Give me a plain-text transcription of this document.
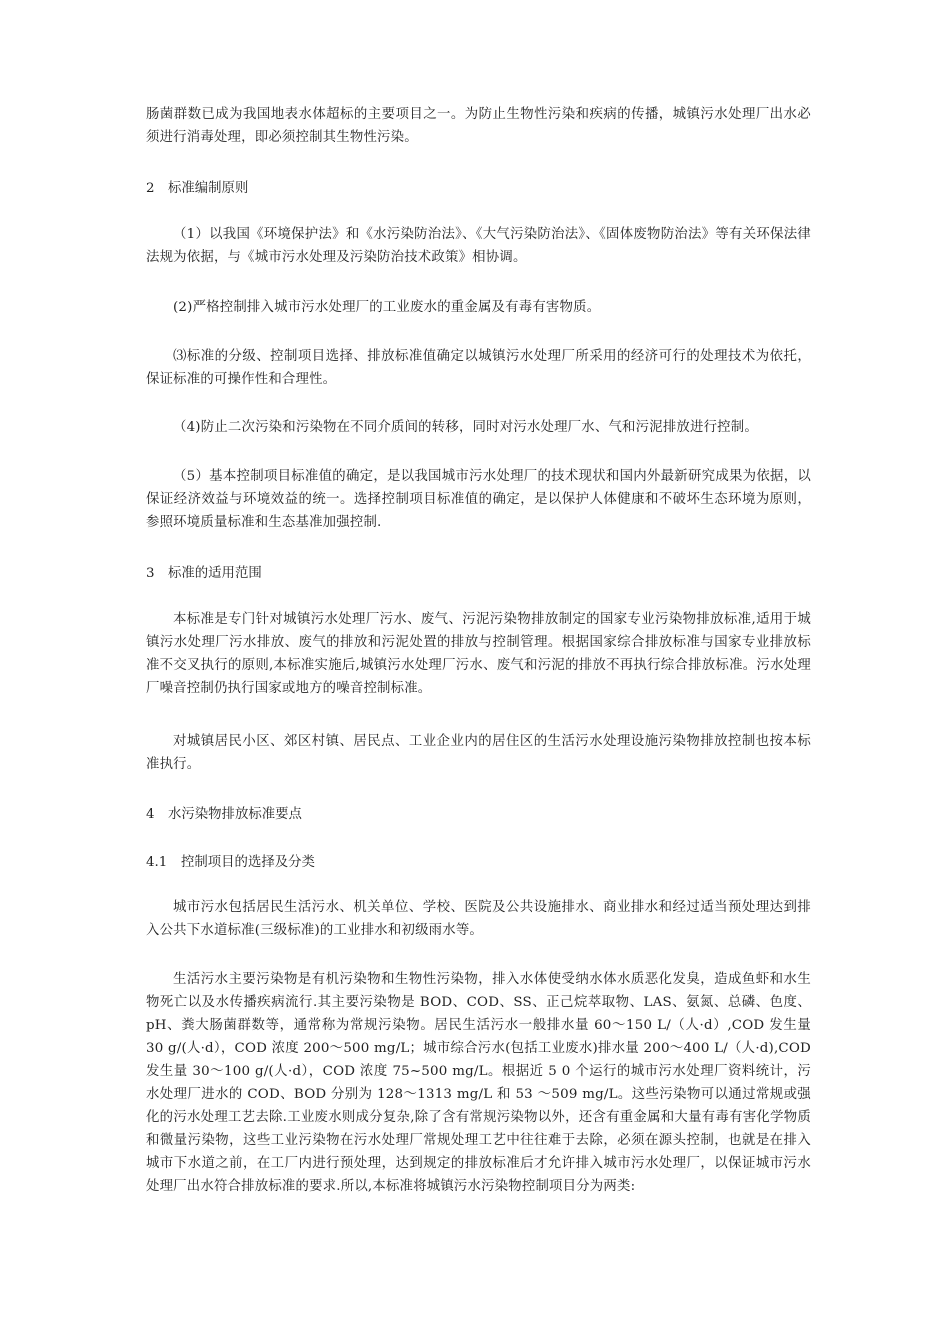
肠菌群数已成为我国地表水体超标的主要项目之一。为防止生物性污染和疾病的传播，城镇污水处理厂出水必须进行消毒处理，即必须控制其生物性污染。

2 标准编制原则

（1）以我国《环境保护法》和《水污染防治法》、《大气污染防治法》、《固体废物防治法》等有关环保法律法规为依据，与《城市污水处理及污染防治技术政策》相协调。

(2)严格控制排入城市污水处理厂的工业废水的重金属及有毒有害物质。

⑶标准的分级、控制项目选择、排放标准值确定以城镇污水处理厂所采用的经济可行的处理技术为依托，保证标准的可操作性和合理性。

（4)防止二次污染和污染物在不同介质间的转移，同时对污水处理厂水、气和污泥排放进行控制。

（5）基本控制项目标准值的确定，是以我国城市污水处理厂的技术现状和国内外最新研究成果为依据，以保证经济效益与环境效益的统一。选择控制项目标准值的确定，是以保护人体健康和不破坏生态环境为原则，参照环境质量标准和生态基准加强控制.

3 标准的适用范围

本标准是专门针对城镇污水处理厂污水、废气、污泥污染物排放制定的国家专业污染物排放标准,适用于城镇污水处理厂污水排放、废气的排放和污泥处置的排放与控制管理。根据国家综合排放标准与国家专业排放标准不交叉执行的原则,本标准实施后,城镇污水处理厂污水、废气和污泥的排放不再执行综合排放标准。污水处理厂噪音控制仍执行国家或地方的噪音控制标准。

对城镇居民小区、郊区村镇、居民点、工业企业内的居住区的生活污水处理设施污染物排放控制也按本标准执行。

4 水污染物排放标准要点
4.1 控制项目的选择及分类

城市污水包括居民生活污水、机关单位、学校、医院及公共设施排水、商业排水和经过适当预处理达到排入公共下水道标准(三级标准)的工业排水和初级雨水等。

生活污水主要污染物是有机污染物和生物性污染物，排入水体使受纳水体水质恶化发臭，造成鱼虾和水生物死亡以及水传播疾病流行.其主要污染物是 BOD、COD、SS、正己烷萃取物、LAS、氨氮、总磷、色度、pH、粪大肠菌群数等，通常称为常规污染物。居民生活污水一般排水量 60～150 L/（人·d）,COD 发生量 30 g/(人·d），COD 浓度 200～500 mg/L；城市综合污水(包括工业废水)排水量 200～400 L/（人·d),COD 发生量 30～100 g/(人·d），COD 浓度 75~500 mg/L。根据近 5 0 个运行的城市污水处理厂资料统计，污水处理厂进水的 COD、BOD 分别为 128～1313 mg/L 和 53 ～509 mg/L。这些污染物可以通过常规或强化的污水处理工艺去除.工业废水则成分复杂,除了含有常规污染物以外，还含有重金属和大量有毒有害化学物质和微量污染物，这些工业污染物在污水处理厂常规处理工艺中往往难于去除，必须在源头控制，也就是在排入城市下水道之前，在工厂内进行预处理，达到规定的排放标准后才允许排入城市污水处理厂，以保证城市污水处理厂出水符合排放标准的要求.所以,本标准将城镇污水污染物控制项目分为两类:
